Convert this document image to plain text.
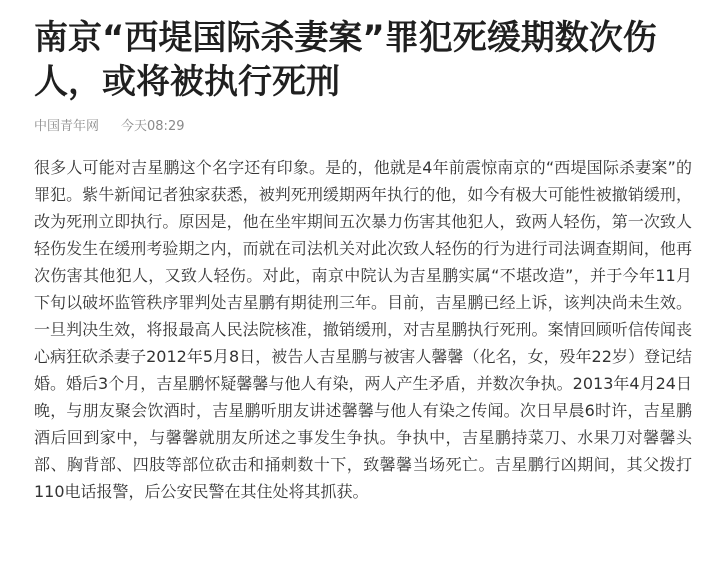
南京“西堤国际杀妻案”罪犯死缓期数次伤人，或将被执行死刑
中国青年网 今天08:29

很多人可能对吉星鹏这个名字还有印象。是的，他就是4年前震惊南京的“西堤国际杀妻案”的罪犯。紫牛新闻记者独家获悉，被判死刑缓期两年执行的他，如今有极大可能性被撤销缓刑，改为死刑立即执行。原因是，他在坐牢期间五次暴力伤害其他犯人，致两人轻伤，第一次致人轻伤发生在缓刑考验期之内，而就在司法机关对此次致人轻伤的行为进行司法调查期间，他再次伤害其他犯人，又致人轻伤。对此，南京中院认为吉星鹏实属“不堪改造”，并于今年11月下旬以破坏监管秩序罪判处吉星鹏有期徒刑三年。目前，吉星鹏已经上诉，该判决尚未生效。一旦判决生效，将报最高人民法院核准，撤销缓刑，对吉星鹏执行死刑。案情回顾听信传闻丧心病狂砍杀妻子2012年5月8日，被告人吉星鹏与被害人馨馨（化名，女，殁年22岁）登记结婚。婚后3个月，吉星鹏怀疑馨馨与他人有染，两人产生矛盾，并数次争执。2013年4月24日晚，与朋友聚会饮酒时，吉星鹏听朋友讲述馨馨与他人有染之传闻。次日早晨6时许，吉星鹏酒后回到家中，与馨馨就朋友所述之事发生争执。争执中，吉星鹏持菜刀、水果刀对馨馨头部、胸背部、四肢等部位砍击和捅刺数十下，致馨馨当场死亡。吉星鹏行凶期间，其父拨打110电话报警，后公安民警在其住处将其抓获。
